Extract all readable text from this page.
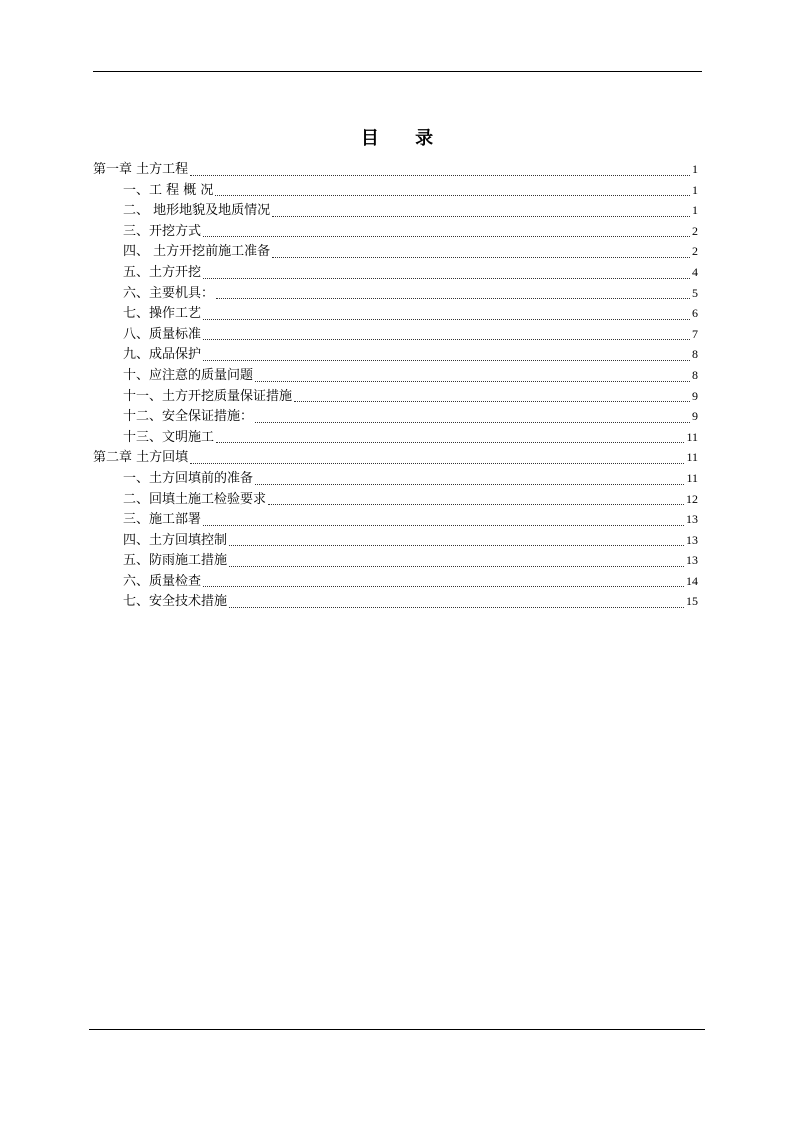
目 录
第一章 土方工程	1
一、工 程 概 况	1
二、 地形地貌及地质情况	1
三、开挖方式	2
四、 土方开挖前施工准备	2
五、土方开挖	4
六、主要机具：	5
七、操作工艺	6
八、质量标准	7
九、成品保护	8
十、应注意的质量问题	8
十一、土方开挖质量保证措施	9
十二、安全保证措施：	9
十三、文明施工	11
第二章 土方回填	11
一、土方回填前的准备	11
二、回填土施工检验要求	12
三、施工部署	13
四、土方回填控制	13
五、防雨施工措施	13
六、质量检查	14
七、安全技术措施	15
